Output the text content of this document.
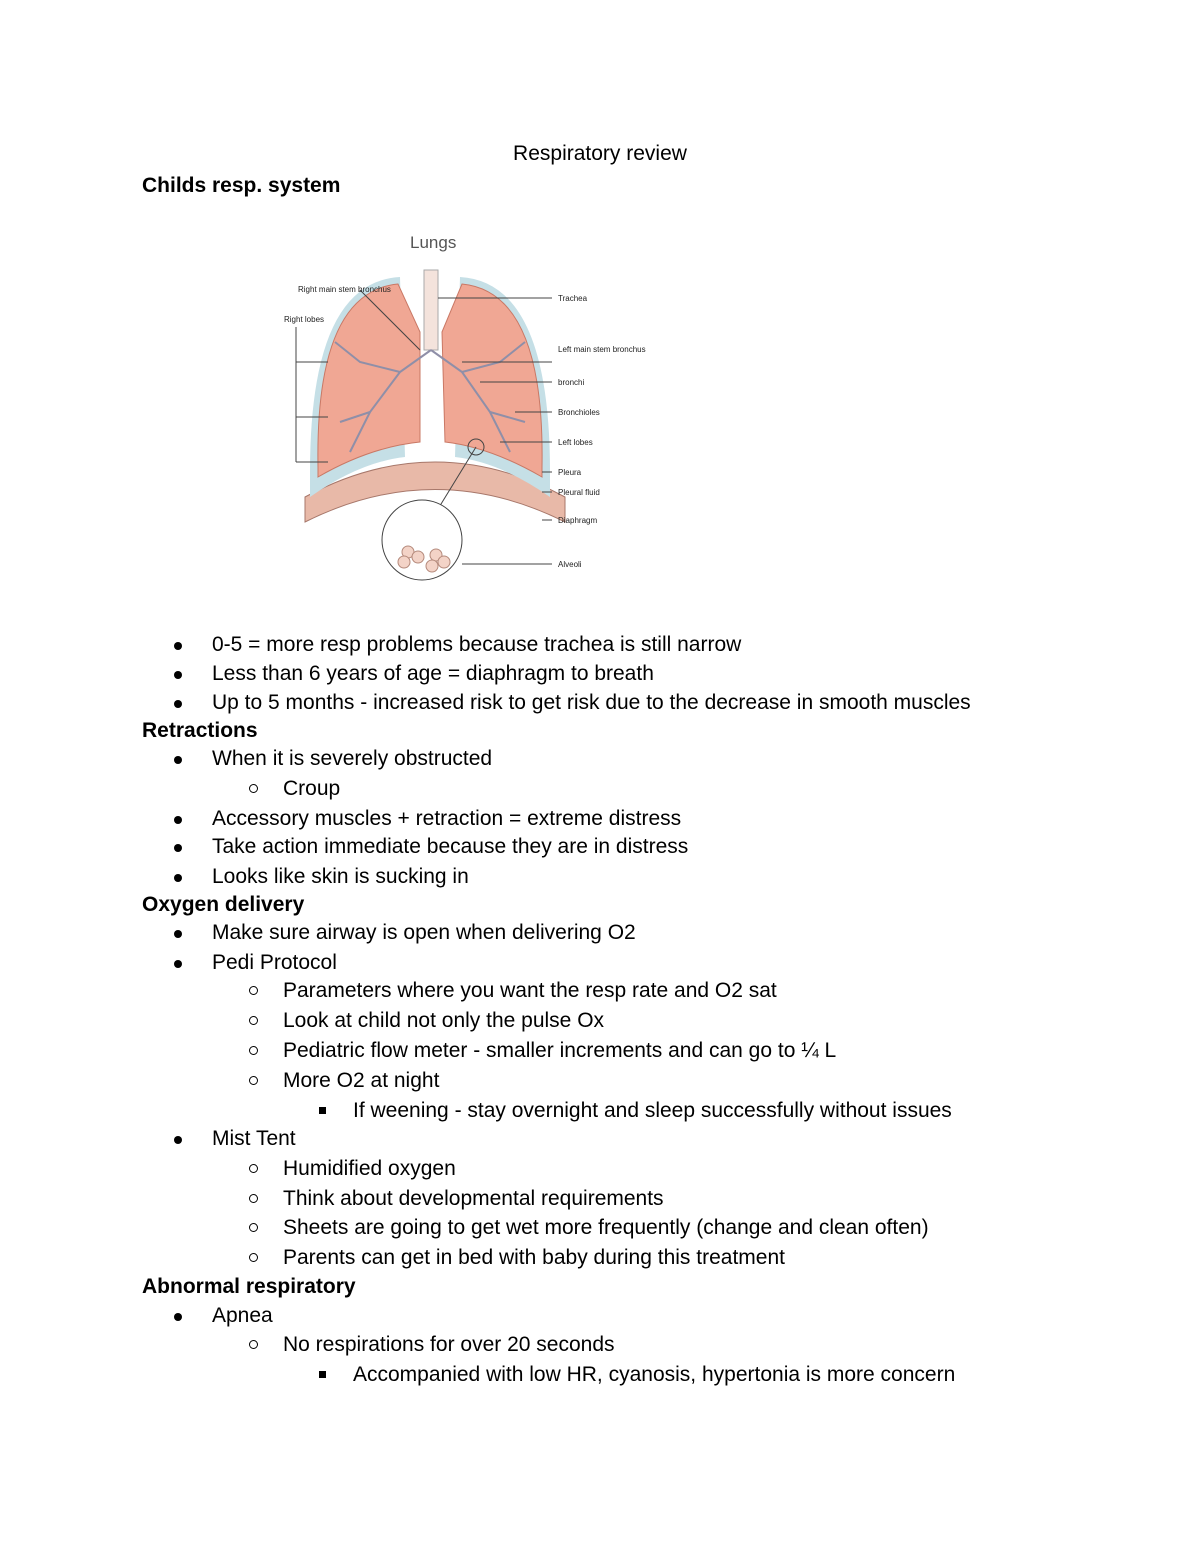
Respiratory review
Childs resp. system
Lungs
Trachea
Left main stem bronchus
bronchi
Bronchioles
Left lobes
Pleura
Pleural fluid
Diaphragm
Alveoli
Right main stem bronchus
Right lobes
0-5 = more resp problems because trachea is still narrow
Less than 6 years of age = diaphragm to breath
Up to 5 months - increased risk to get risk due to the decrease in smooth muscles
Retractions
When it is severely obstructed
Croup
Accessory muscles + retraction = extreme distress
Take action immediate because they are in distress
Looks like skin is sucking in
Oxygen delivery
Make sure airway is open when delivering O2
Pedi Protocol
Parameters where you want the resp rate and O2 sat
Look at child not only the pulse Ox
Pediatric flow meter - smaller increments and can go to ¼ L
More O2 at night
If weening - stay overnight and sleep successfully without issues
Mist Tent
Humidified oxygen
Think about developmental requirements
Sheets are going to get wet more frequently (change and clean often)
Parents can get in bed with baby during this treatment
Abnormal respiratory
Apnea
No respirations for over 20 seconds
Accompanied with low HR, cyanosis, hypertonia is more concern
